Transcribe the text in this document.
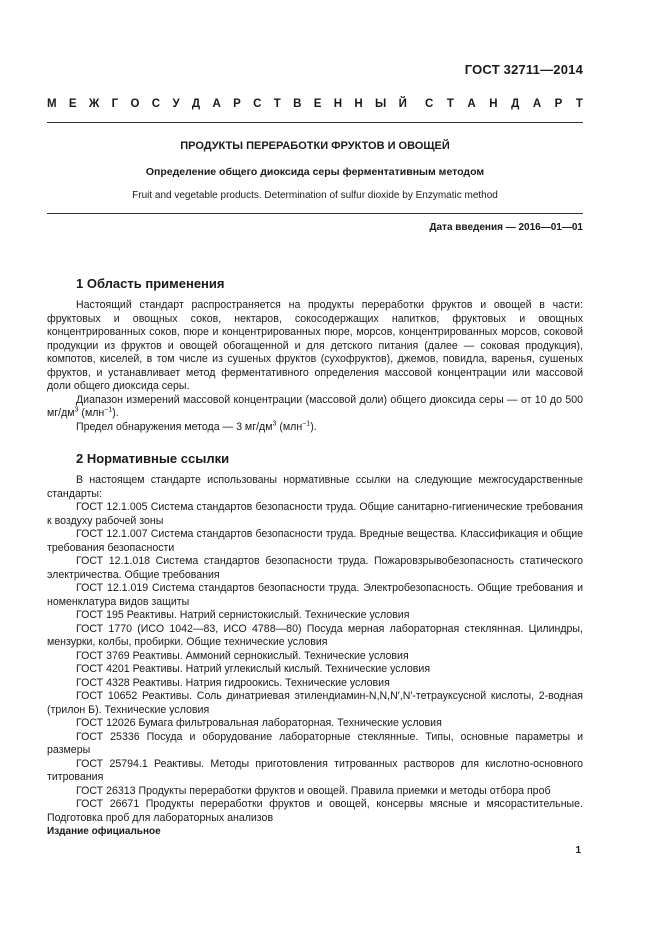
ГОСТ 32711—2014
М Е Ж Г О С У Д А Р С Т В Е Н Н Ы Й С Т А Н Д А Р Т
ПРОДУКТЫ ПЕРЕРАБОТКИ ФРУКТОВ И ОВОЩЕЙ
Определение общего диоксида серы ферментативным методом
Fruit and vegetable products. Determination of sulfur dioxide by Enzymatic method
Дата введения — 2016—01—01
1 Область применения

Настоящий стандарт распространяется на продукты переработки фруктов и овощей в части: фруктовых и овощных соков, нектаров, сокосодержащих напитков, фруктовых и овощных концентрированных соков, пюре и концентрированных пюре, морсов, концентрированных морсов, соковой продукции из фруктов и овощей обогащенной и для детского питания (далее — соковая продукция), компотов, киселей, в том числе из сушеных фруктов (сухофруктов), джемов, повидла, варенья, сушеных фруктов, и устанавливает метод ферментативного определения массовой концентрации или массовой доли общего диоксида серы.

Диапазон измерений массовой концентрации (массовой доли) общего диоксида серы — от 10 до 500 $мг/дм^3$ (млн$^{-1}$).

Предел обнаружения метода — 3 $мг/дм^3$ (млн$^{-1}$).

2 Нормативные ссылки

В настоящем стандарте использованы нормативные ссылки на следующие межгосударственные стандарты:

ГОСТ 12.1.005 Система стандартов безопасности труда. Общие санитарно-гигиенические требования к воздуху рабочей зоны

ГОСТ 12.1.007 Система стандартов безопасности труда. Вредные вещества. Классификация и общие требования безопасности

ГОСТ 12.1.018 Система стандартов безопасности труда. Пожаровзрывобезопасность статического электричества. Общие требования

ГОСТ 12.1.019 Система стандартов безопасности труда. Электробезопасность. Общие требования и номенклатура видов защиты

ГОСТ 195 Реактивы. Натрий сернистокислый. Технические условия

ГОСТ 1770 (ИСО 1042—83, ИСО 4788—80) Посуда мерная лабораторная стеклянная. Цилиндры, мензурки, колбы, пробирки. Общие технические условия

ГОСТ 3769 Реактивы. Аммоний сернокислый. Технические условия

ГОСТ 4201 Реактивы. Натрий углекислый кислый. Технические условия

ГОСТ 4328 Реактивы. Натрия гидроокись. Технические условия

ГОСТ 10652 Реактивы. Соль динатриевая этилендиамин-N,N,N′,N′-тетрауксусной кислоты, 2-водная (трилон Б). Технические условия

ГОСТ 12026 Бумага фильтровальная лабораторная. Технические условия

ГОСТ 25336 Посуда и оборудование лабораторные стеклянные. Типы, основные параметры и размеры

ГОСТ 25794.1 Реактивы. Методы приготовления титрованных растворов для кислотно-основного титрования

ГОСТ 26313 Продукты переработки фруктов и овощей. Правила приемки и методы отбора проб

ГОСТ 26671 Продукты переработки фруктов и овощей, консервы мясные и мясорастительные. Подготовка проб для лабораторных анализов

Издание официальное
1
